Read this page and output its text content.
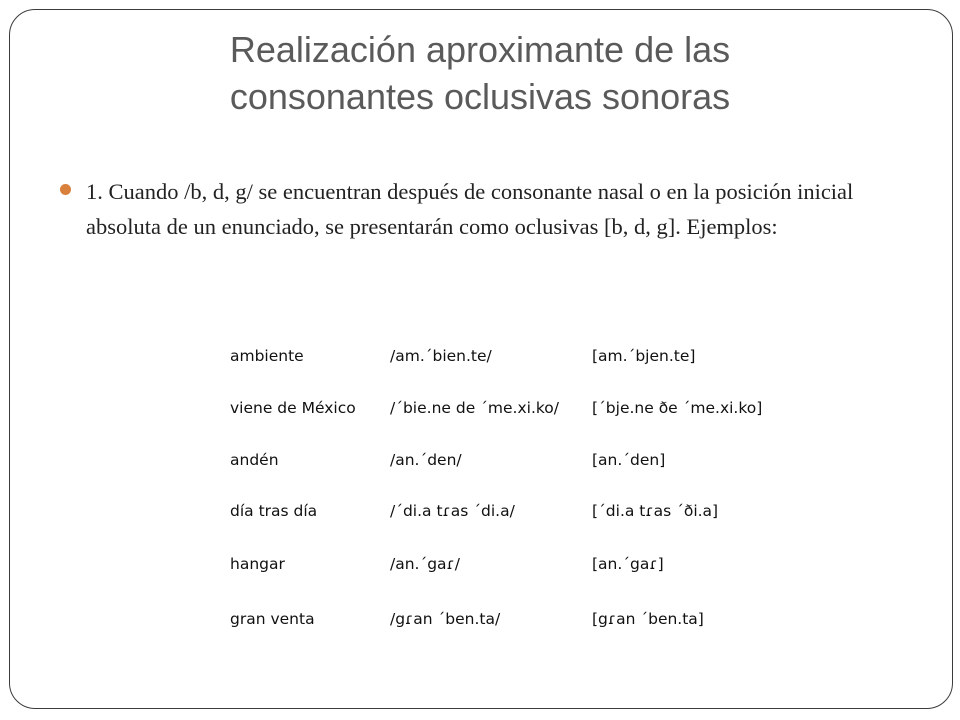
Realización aproximante de las
consonantes oclusivas sonoras
1. Cuando /b, d, g/ se encuentran después de consonante nasal o en la posición inicial absoluta de un enunciado, se presentarán como oclusivas [b, d, g]. Ejemplos:
ambiente	/am.ˊbien.te/	[am.ˊbjen.te]
viene de México /ˊbie.ne de ˊme.xi.ko/ [ˊbje.ne ðe ˊme.xi.ko]
andén	/an.ˊden/	[an.ˊden]
día tras día	/ˊdi.a tɾas ˊdi.a/	[ˊdi.a tɾas ˊði.a]
hangar	/an.ˊgaɾ/	[an.ˊgaɾ]
gran venta	/gɾan ˊben.ta/	[gɾan ˊben.ta]
